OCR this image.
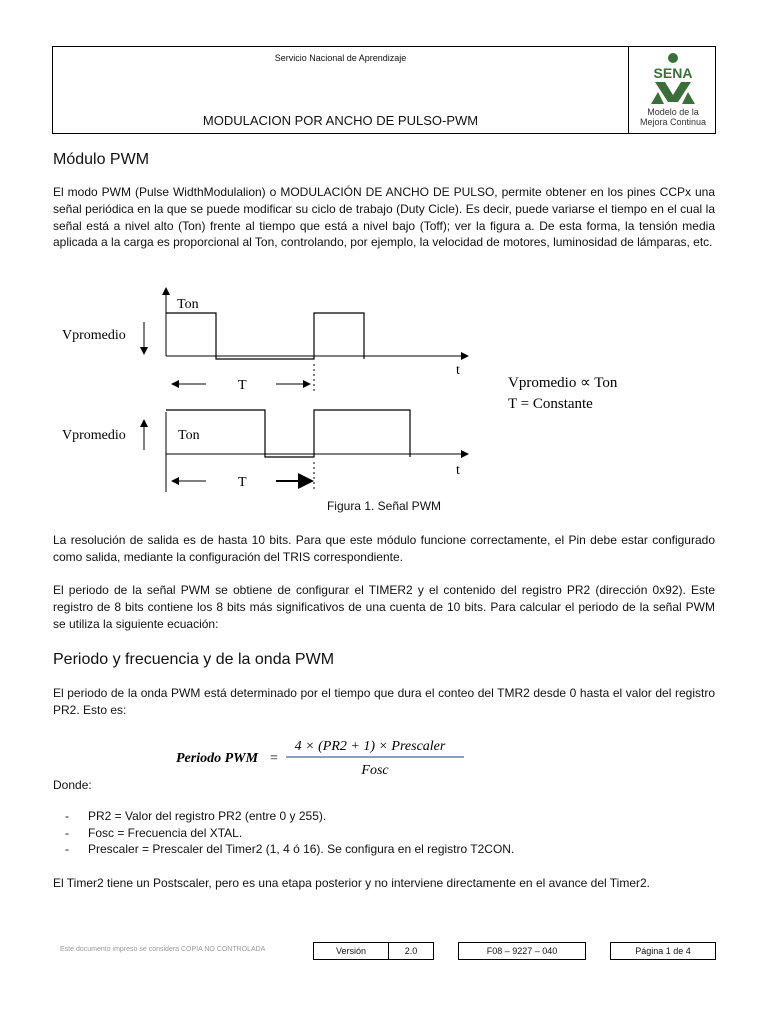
Servicio Nacional de Aprendizaje
MODULACION POR ANCHO DE PULSO-PWM
SENA
Modelo de la
Mejora Continua
Módulo PWM

El modo PWM (Pulse WidthModulalion) o MODULACIÓN DE ANCHO DE PULSO, permite obtener en los pines CCPx una señal periódica en la que se puede modificar su ciclo de trabajo (Duty Cicle). Es decir, puede variarse el tiempo en el cual la señal está a nivel alto (Ton) frente al tiempo que está a nivel bajo (Toff); ver la figura a. De esta forma, la tensión media aplicada a la carga es proporcional al Ton, controlando, por ejemplo, la velocidad de motores, luminosidad de lámparas, etc.

Ton
Vpromedio
t
T
Ton
Vpromedio
t
T
Vpromedio ∝ Ton
T = Constante
Figura 1. Señal PWM

La resolución de salida es de hasta 10 bits. Para que este módulo funcione correctamente, el Pin debe estar configurado como salida, mediante la configuración del TRIS correspondiente.

El periodo de la señal PWM se obtiene de configurar el TIMER2 y el contenido del registro PR2 (dirección 0x92). Este registro de 8 bits contiene los 8 bits más significativos de una cuenta de 10 bits. Para calcular el periodo de la señal PWM se utiliza la siguiente ecuación:

Periodo y frecuencia y de la onda PWM

El periodo de la onda PWM está determinado por el tiempo que dura el conteo del TMR2 desde 0 hasta el valor del registro PR2. Esto es:

Periodo PWM =
4 × (PR2 + 1) × Prescaler
Fosc

Donde:

- PR2 = Valor del registro PR2 (entre 0 y 255).
- Fosc = Frecuencia del XTAL.
- Prescaler = Prescaler del Timer2 (1, 4 ó 16). Se configura en el registro T2CON.

El Timer2 tiene un Postscaler, pero es una etapa posterior y no interviene directamente en el avance del Timer2.

Este documento impreso se considera COPIA NO CONTROLADA	Versión	2.0	F08 – 9227 – 040	Página 1 de 4
